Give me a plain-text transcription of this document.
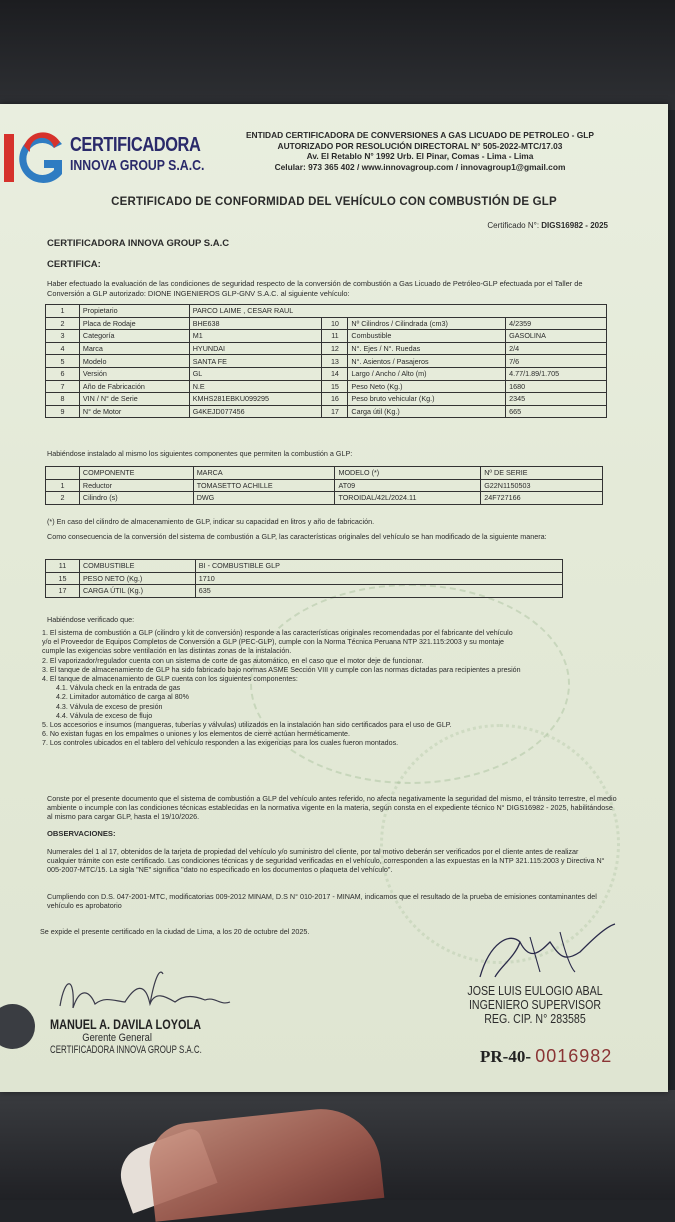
CERTIFICADORA
INNOVA GROUP S.A.C.
ENTIDAD CERTIFICADORA DE CONVERSIONES A GAS LICUADO DE PETROLEO - GLP
AUTORIZADO POR RESOLUCIÓN DIRECTORAL N° 505-2022-MTC/17.03
Av. El Retablo N° 1992 Urb. El Pinar, Comas - Lima - Lima
Celular: 973 365 402 / www.innovagroup.com / innovagroup1@gmail.com
CERTIFICADO DE CONFORMIDAD DEL VEHÍCULO CON COMBUSTIÓN DE GLP
Certificado N°: DIGS16982 - 2025
CERTIFICADORA INNOVA GROUP S.A.C
CERTIFICA:
Haber efectuado la evaluación de las condiciones de seguridad respecto de la conversión de combustión a Gas Licuado de Petróleo-GLP efectuada por el Taller de Conversión a GLP autorizado: DIONE INGENIEROS GLP-GNV S.A.C. al siguiente vehículo:
1	Propietario	PARCO LAIME , CESAR RAUL			
2	Placa de Rodaje	BHE638	10	Nº Cilindros / Cilindrada (cm3)	4/2359
3	Categoría	M1	11	Combustible	GASOLINA
4	Marca	HYUNDAI	12	N°. Ejes / N°. Ruedas	2/4
5	Modelo	SANTA FE	13	N°. Asientos / Pasajeros	7/6
6	Versión	GL	14	Largo / Ancho / Alto (m)	4.77/1.89/1.705
7	Año de Fabricación	N.E	15	Peso Neto (Kg.)	1680
8	VIN / N° de Serie	KMHS281EBKU099295	16	Peso bruto vehicular (Kg.)	2345
9	N° de Motor	G4KEJD077456	17	Carga útil (Kg.)	665
Habiéndose instalado al mismo los siguientes componentes que permiten la combustión a GLP:
	COMPONENTE	MARCA	MODELO (*)	Nº DE SERIE
1	Reductor	TOMASETTO ACHILLE	AT09	G22N1150503
2	Cilindro (s)	DWG	TOROIDAL/42L/2024.11	24F727166
(*) En caso del cilindro de almacenamiento de GLP, indicar su capacidad en litros y año de fabricación.
Como consecuencia de la conversión del sistema de combustión a GLP, las características originales del vehículo se han modificado de la siguiente manera:
11	COMBUSTIBLE	BI - COMBUSTIBLE GLP
15	PESO NETO (Kg.)	1710
17	CARGA ÚTIL (Kg.)	635
Habiéndose verificado que:
1. El sistema de combustión a GLP (cilindro y kit de conversión) responde a las características originales recomendadas por el fabricante del vehículo
y/o el Proveedor de Equipos Completos de Conversión a GLP (PEC-GLP), cumple con la Norma Técnica Peruana NTP 321.115:2003 y su montaje
cumple las exigencias sobre ventilación en las distintas zonas de la instalación.
2. El vaporizador/regulador cuenta con un sistema de corte de gas automático, en el caso que el motor deje de funcionar.
3. El tanque de almacenamiento de GLP ha sido fabricado bajo normas ASME Sección VIII y cumple con las normas dictadas para recipientes a presión
4. El tanque de almacenamiento de GLP cuenta con los siguientes componentes:
4.1. Válvula check en la entrada de gas
4.2. Limitador automático de carga al 80%
4.3. Válvula de exceso de presión
4.4. Válvula de exceso de flujo
5. Los accesorios e insumos (mangueras, tuberías y válvulas) utilizados en la instalación han sido certificados para el uso de GLP.
6. No existan fugas en los empalmes o uniones y los elementos de cierre actúan herméticamente.
7. Los controles ubicados en el tablero del vehículo responden a las exigencias para los cuales fueron montados.
Conste por el presente documento que el sistema de combustión a GLP del vehículo antes referido, no afecta negativamente la seguridad del mismo, el tránsito terrestre, el medio ambiente o incumple con las condiciones técnicas establecidas en la normativa vigente en la materia, según consta en el expediente técnico N° DIGS16982 - 2025, habilitándose al mismo para cargar GLP, hasta el 19/10/2026.
OBSERVACIONES:
Numerales del 1 al 17, obtenidos de la tarjeta de propiedad del vehículo y/o suministro del cliente, por tal motivo deberán ser verificados por el cliente antes de realizar cualquier trámite con este certificado. Las condiciones técnicas y de seguridad verificadas en el vehículo, corresponden a las expuestas en la NTP 321.115:2003 y Directiva N° 005-2007-MTC/15. La sigla "NE" significa "dato no especificado en los documentos o plaqueta del vehículo".
Cumpliendo con D.S. 047-2001-MTC, modificatorias 009-2012 MINAM, D.S N° 010-2017 - MINAM, indicamos que el resultado de la prueba de emisiones contaminantes del vehículo es aprobatorio
Se expide el presente certificado en la ciudad de Lima, a los 20 de octubre del 2025.
MANUEL A. DAVILA LOYOLA
Gerente General
CERTIFICADORA INNOVA GROUP S.A.C.
JOSE LUIS EULOGIO ABAL
INGENIERO SUPERVISOR
REG. CIP. N° 283585
PR-40- 0016982
